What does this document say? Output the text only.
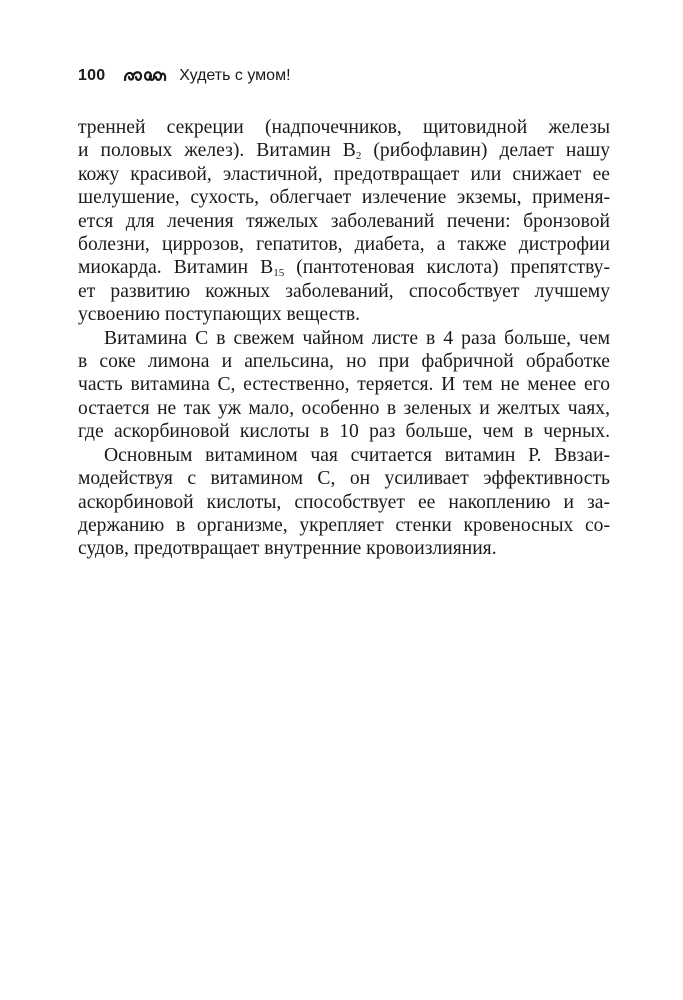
100	Худеть с умом!
тренней секреции (надпочечников, щитовидной железы
и половых желез). Витамин $В_2$ (рибофлавин) делает нашу
кожу красивой, эластичной, предотвращает или снижает ее
шелушение, сухость, облегчает излечение экземы, применя-
ется для лечения тяжелых заболеваний печени: бронзовой
болезни, циррозов, гепатитов, диабета, а также дистрофии
миокарда. Витамин $В_{15}$ (пантотеновая кислота) препятству-
ет развитию кожных заболеваний, способствует лучшему
усвоению поступающих веществ.
Витамина С в свежем чайном листе в 4 раза больше, чем
в соке лимона и апельсина, но при фабричной обработке
часть витамина С, естественно, теряется. И тем не менее его
остается не так уж мало, особенно в зеленых и желтых чаях,
где аскорбиновой кислоты в 10 раз больше, чем в черных.
Основным витамином чая считается витамин Р. Ввзаи-
модействуя с витамином С, он усиливает эффективность
аскорбиновой кислоты, способствует ее накоплению и за-
держанию в организме, укрепляет стенки кровеносных со-
судов, предотвращает внутренние кровоизлияния.
